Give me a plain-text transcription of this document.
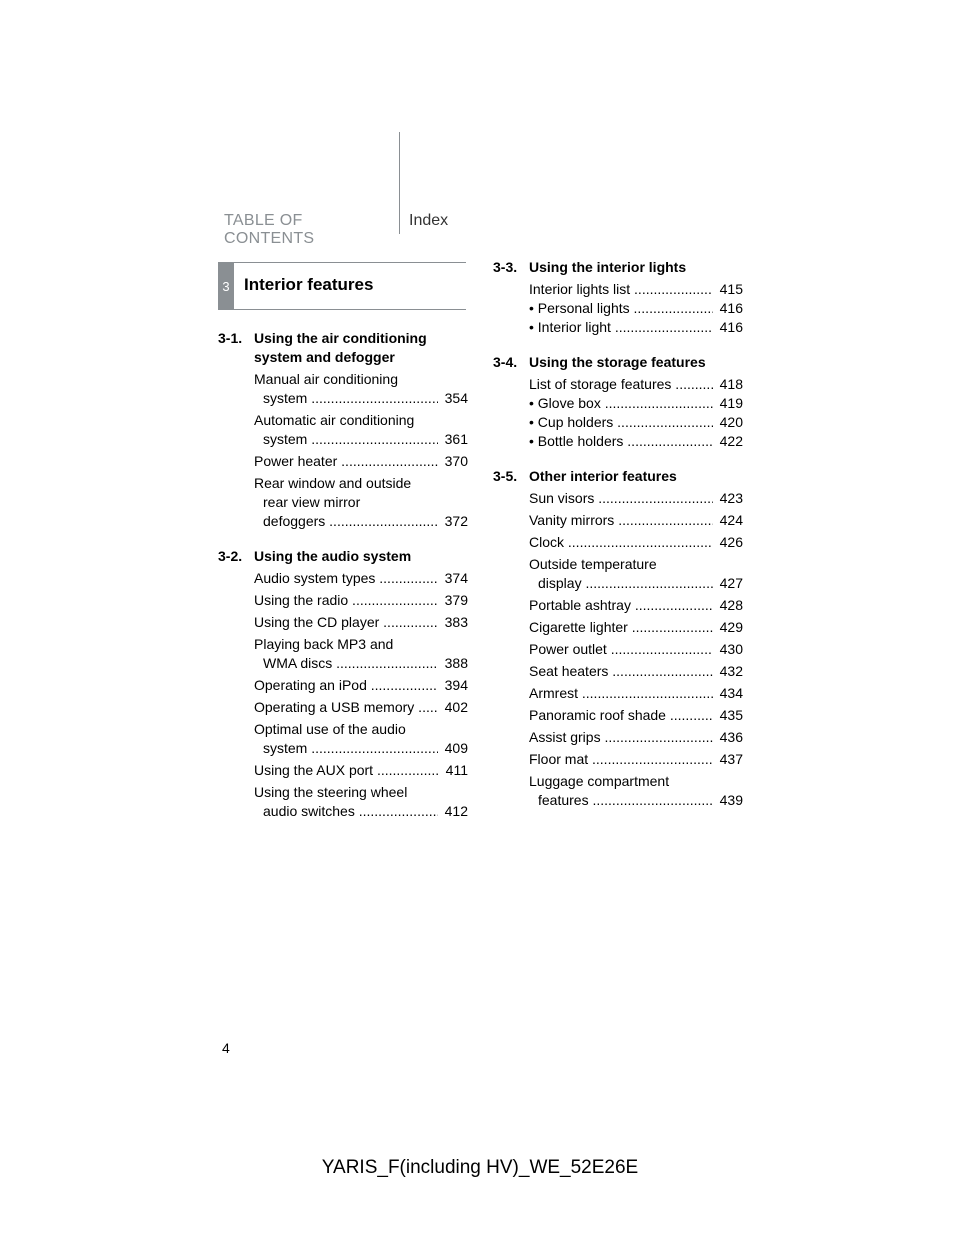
TABLE OF CONTENTS
Index
3 Interior features
3-1. Using the air conditioning system and defogger
Manual air conditioning
system .....	354
Automatic air conditioning
system .....	361
Power heater .....	370
Rear window and outside
rear view mirror
defoggers .....	372
3-2. Using the audio system
Audio system types .....	374
Using the radio .....	379
Using the CD player .....	383
Playing back MP3 and
WMA discs .....	388
Operating an iPod .....	394
Operating a USB memory .....	402
Optimal use of the audio
system .....	409
Using the AUX port .....	411
Using the steering wheel
audio switches .....	412
3-3. Using the interior lights
Interior lights list .....	415
• Personal lights .....	416
• Interior light .....	416
3-4. Using the storage features
List of storage features .....	418
• Glove box .....	419
• Cup holders .....	420
• Bottle holders .....	422
3-5. Other interior features
Sun visors .....	423
Vanity mirrors .....	424
Clock .....	426
Outside temperature
display .....	427
Portable ashtray .....	428
Cigarette lighter .....	429
Power outlet .....	430
Seat heaters .....	432
Armrest .....	434
Panoramic roof shade .....	435
Assist grips .....	436
Floor mat .....	437
Luggage compartment
features .....	439
4
YARIS_F(including HV)_WE_52E26E
